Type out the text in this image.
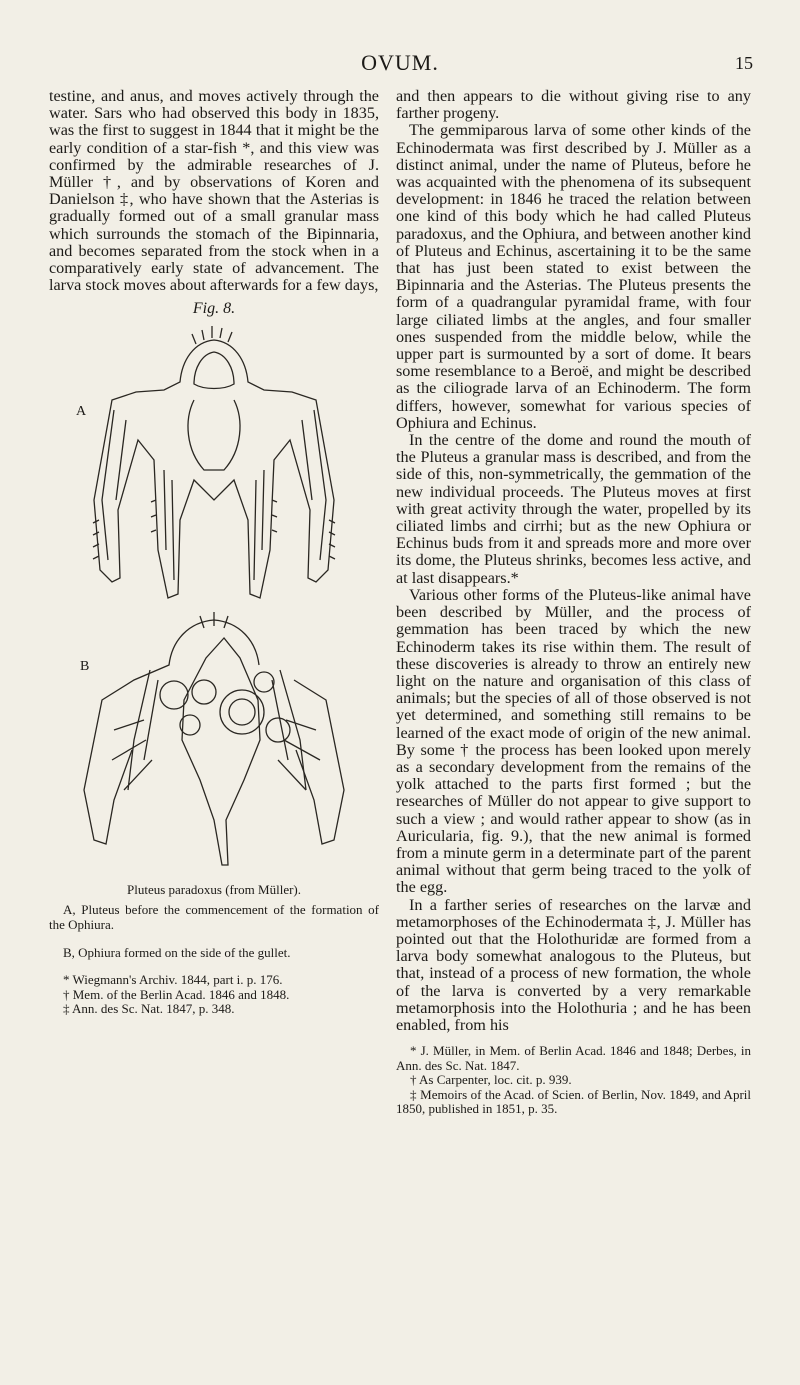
OVUM.	15

testine, and anus, and moves actively through the water. Sars who had observed this body in 1835, was the first to suggest in 1844 that it might be the early condition of a star-fish *, and this view was confirmed by the admirable researches of J. Müller †, and by observations of Koren and Danielson ‡, who have shown that the Asterias is gradually formed out of a small granular mass which surrounds the stomach of the Bipinnaria, and becomes separated from the stock when in a comparatively early state of advancement. The larva stock moves about afterwards for a few days,

Fig. 8.
A
B
Pluteus paradoxus (from Müller).

A, Pluteus before the commencement of the formation of the Ophiura.

B, Ophiura formed on the side of the gullet.

* Wiegmann's Archiv. 1844, part i. p. 176.

† Mem. of the Berlin Acad. 1846 and 1848.

‡ Ann. des Sc. Nat. 1847, p. 348.

and then appears to die without giving rise to any farther progeny.

The gemmiparous larva of some other kinds of the Echinodermata was first described by J. Müller as a distinct animal, under the name of Pluteus, before he was acquainted with the phenomena of its subsequent development: in 1846 he traced the relation between one kind of this body which he had called Pluteus paradoxus, and the Ophiura, and between another kind of Pluteus and Echinus, ascertaining it to be the same that has just been stated to exist between the Bipinnaria and the Asterias. The Pluteus presents the form of a quadrangular pyramidal frame, with four large ciliated limbs at the angles, and four smaller ones suspended from the middle below, while the upper part is surmounted by a sort of dome. It bears some resemblance to a Beroë, and might be described as the ciliograde larva of an Echinoderm. The form differs, however, somewhat for various species of Ophiura and Echinus.

In the centre of the dome and round the mouth of the Pluteus a granular mass is described, and from the side of this, non-symmetrically, the gemmation of the new individual proceeds. The Pluteus moves at first with great activity through the water, propelled by its ciliated limbs and cirrhi; but as the new Ophiura or Echinus buds from it and spreads more and more over its dome, the Pluteus shrinks, becomes less active, and at last disappears.*

Various other forms of the Pluteus-like animal have been described by Müller, and the process of gemmation has been traced by which the new Echinoderm takes its rise within them. The result of these discoveries is already to throw an entirely new light on the nature and organisation of this class of animals; but the species of all of those observed is not yet determined, and something still remains to be learned of the exact mode of origin of the new animal. By some † the process has been looked upon merely as a secondary development from the remains of the yolk attached to the parts first formed ; but the researches of Müller do not appear to give support to such a view ; and would rather appear to show (as in Auricularia, fig. 9.), that the new animal is formed from a minute germ in a determinate part of the parent animal without that germ being traced to the yolk of the egg.

In a farther series of researches on the larvæ and metamorphoses of the Echinodermata ‡, J. Müller has pointed out that the Holothuridæ are formed from a larva body somewhat analogous to the Pluteus, but that, instead of a process of new formation, the whole of the larva is converted by a very remarkable metamorphosis into the Holothuria ; and he has been enabled, from his

* J. Müller, in Mem. of Berlin Acad. 1846 and 1848; Derbes, in Ann. des Sc. Nat. 1847.

† As Carpenter, loc. cit. p. 939.

‡ Memoirs of the Acad. of Scien. of Berlin, Nov. 1849, and April 1850, published in 1851, p. 35.
